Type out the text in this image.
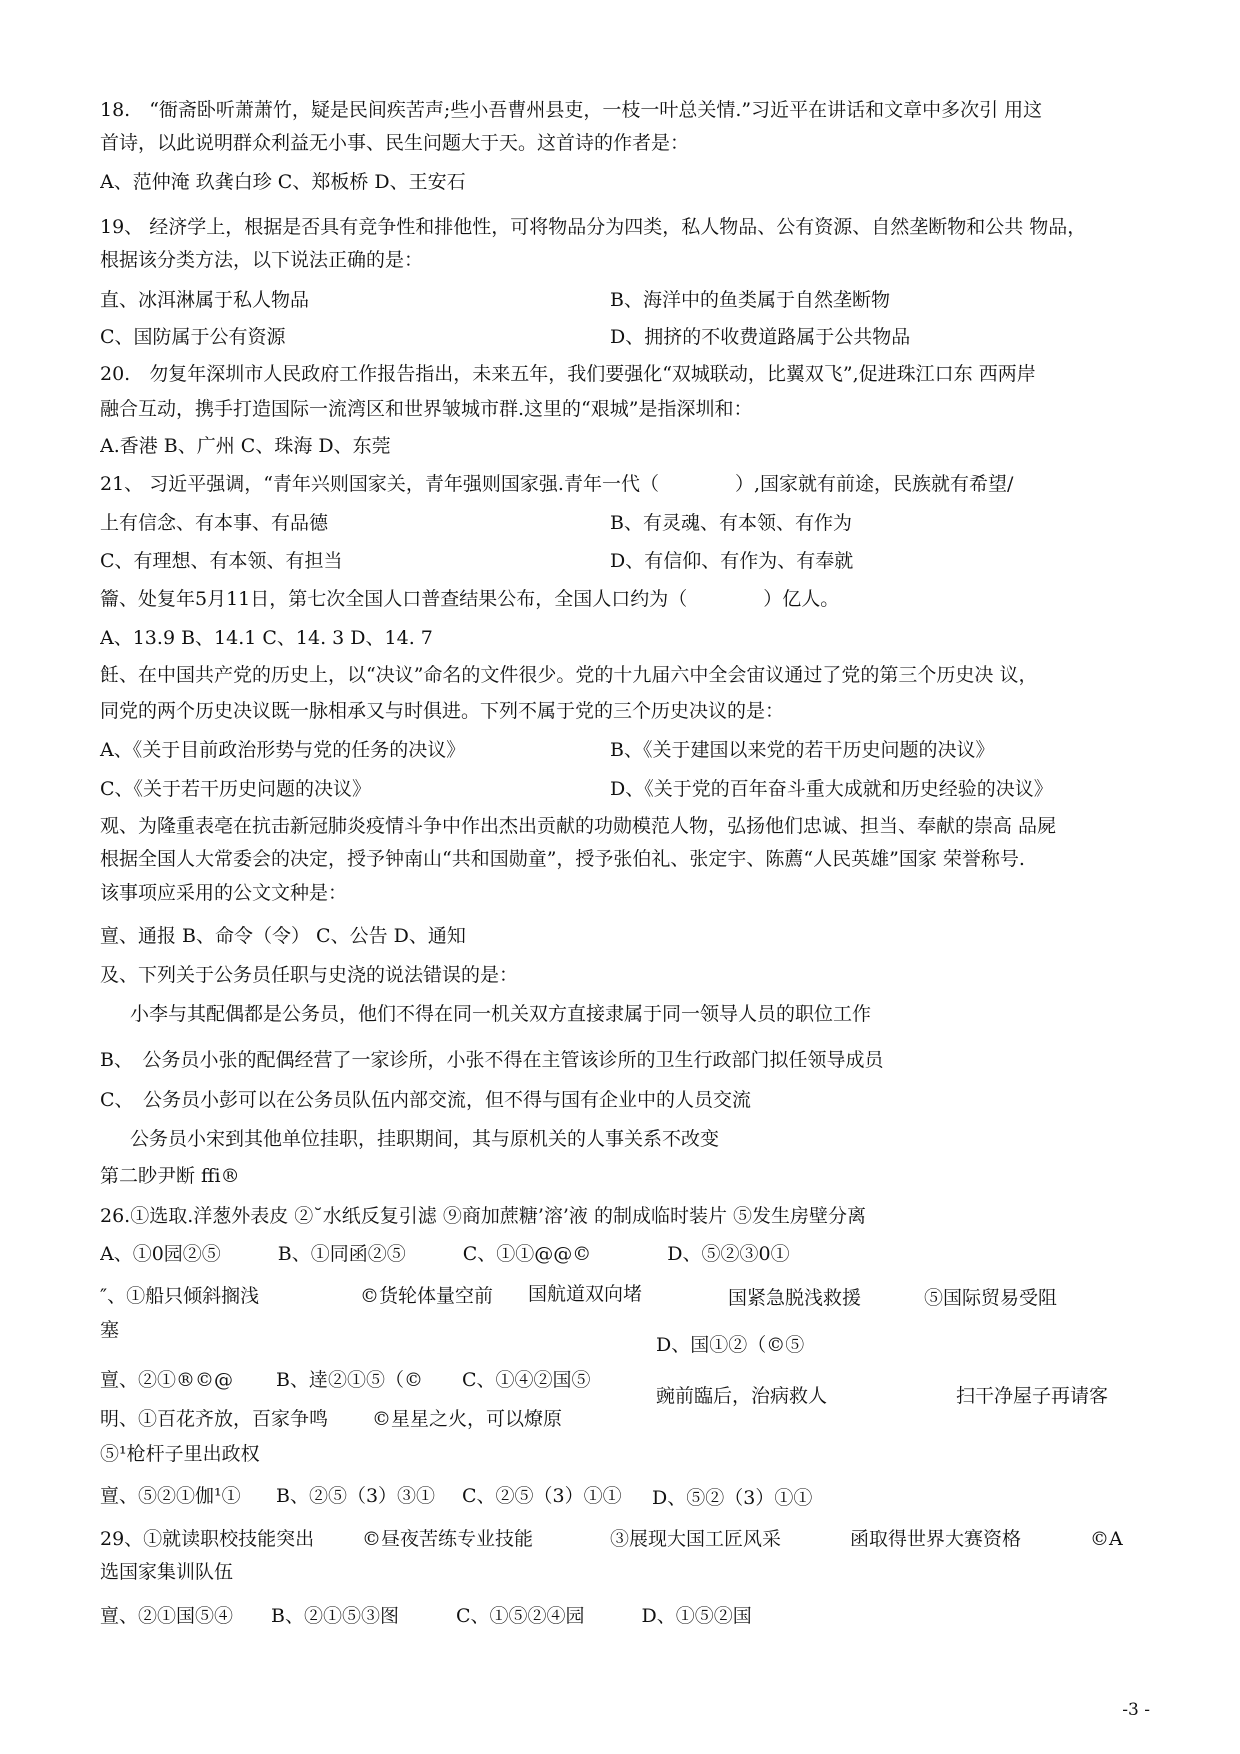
18.　“衙斋卧听萧萧竹，疑是民间疾苦声;些小吾曹州县吏，一枝一叶总关情.”习近平在讲话和文章中多次引 用这
首诗，以此说明群众利益无小事、民生问题大于天。这首诗的作者是：
A、范仲淹 玖龚白珍 C、郑板桥 D、王安石
19、 经济学上，根据是否具有竞争性和排他性，可将物品分为四类，私人物品、公有资源、自然垄断物和公共 物品，
根据该分类方法，以下说法正确的是：
直、冰洱淋属于私人物品	B、海洋中的鱼类属于自然垄断物
C、国防属于公有资源	D、拥挤的不收费道路属于公共物品
20.　勿复年深圳市人民政府工作报告指出，未来五年，我们要强化“双城联动，比翼双飞”,促进珠江口东 西两岸
融合互动，携手打造国际一流湾区和世界皱城市群.这里的“艰城”是指深圳和：
A.香港 B、广州 C、珠海 D、东莞
21、 习近平强调，“青年兴则国家关，青年强则国家强.青年一代（　　　　）,国家就有前途，民族就有希望/
上有信念、有本事、有品德	B、有灵魂、有本领、有作为
C、有理想、有本领、有担当	D、有信仰、有作为、有奉就
籥、处复年5月11日，第七次全国人口普查结果公布，全国人口约为（　　　　）亿人。
A、13.9 B、14.1 C、14. 3 D、14. 7
飪、在中国共产党的历史上，以“决议”命名的文件很少。党的十九届六中全会宙议通过了党的第三个历史决 议，
同党的两个历史决议既一脉相承又与时俱进。下列不属于党的三个历史决议的是：
A、《关于目前政治形势与党的任务的决议》	B、《关于建国以来党的若干历史问题的决议》
C、《关于若干历史问题的决议》	D、《关于党的百年奋斗重大成就和历史经验的决议》
观、为隆重表亳在抗击新冠肺炎疫情斗争中作出杰出贡献的功勋模范人物，弘扬他们忠诚、担当、奉献的崇高 品屍
根据全国人大常委会的决定，授予钟南山“共和国勋童”，授予张伯礼、张定宇、陈薦“人民英雄”国家 荣誉称号.
该事项应采用的公文文种是：
亶、通报 B、命令（令） C、公告 D、通知
及、下列关于公务员任职与史浇的说法错误的是：
小李与其配偶都是公务员，他们不得在同一机关双方直接隶属于同一领导人员的职位工作
B、　公务员小张的配偶经营了一家诊所，小张不得在主管该诊所的卫生行政部门拟任领导成员
C、　公务员小彭可以在公务员队伍内部交流，但不得与国有企业中的人员交流
公务员小宋到其他单位挂职，挂职期间，其与原机关的人事关系不改变
第二眇尹断 ffi®
26.①选取.洋葱外表皮 ②˘水纸反复引滤 ⑨商加蔗糖’溶’液 的制成临时装片 ⑤发生房壁分离
A、①0园②⑤　　　B、①同函②⑤　　　C、①①@@©　　　　D、⑤②③0①
″、①船只倾斜搁浅	©货轮体量空前 国航道双向堵	国紧急脱浅救援	⑤国际贸易受阻
塞
D、国①②（©⑤
亶、②①®©@ B、逹②①⑤（© C、①④②国⑤
豌前臨后，治病救人	扫干净屋子再请客
明、①百花齐放，百家争鸣 ©星星之火，可以燎原
⑤¹枪杆子里出政权
亶、⑤②①伽¹① B、②⑤（3）③① C、②⑤（3）①① D、⑤②（3）①①
29、①就读职校技能突出	©昼夜苦练专业技能	③展现大国工匠风采	函取得世界大赛资格	©A
选国家集训队伍
亶、②①国⑤④　　B、②①⑤③图　　　C、①⑤②④园　　　D、①⑤②国
-3 -
